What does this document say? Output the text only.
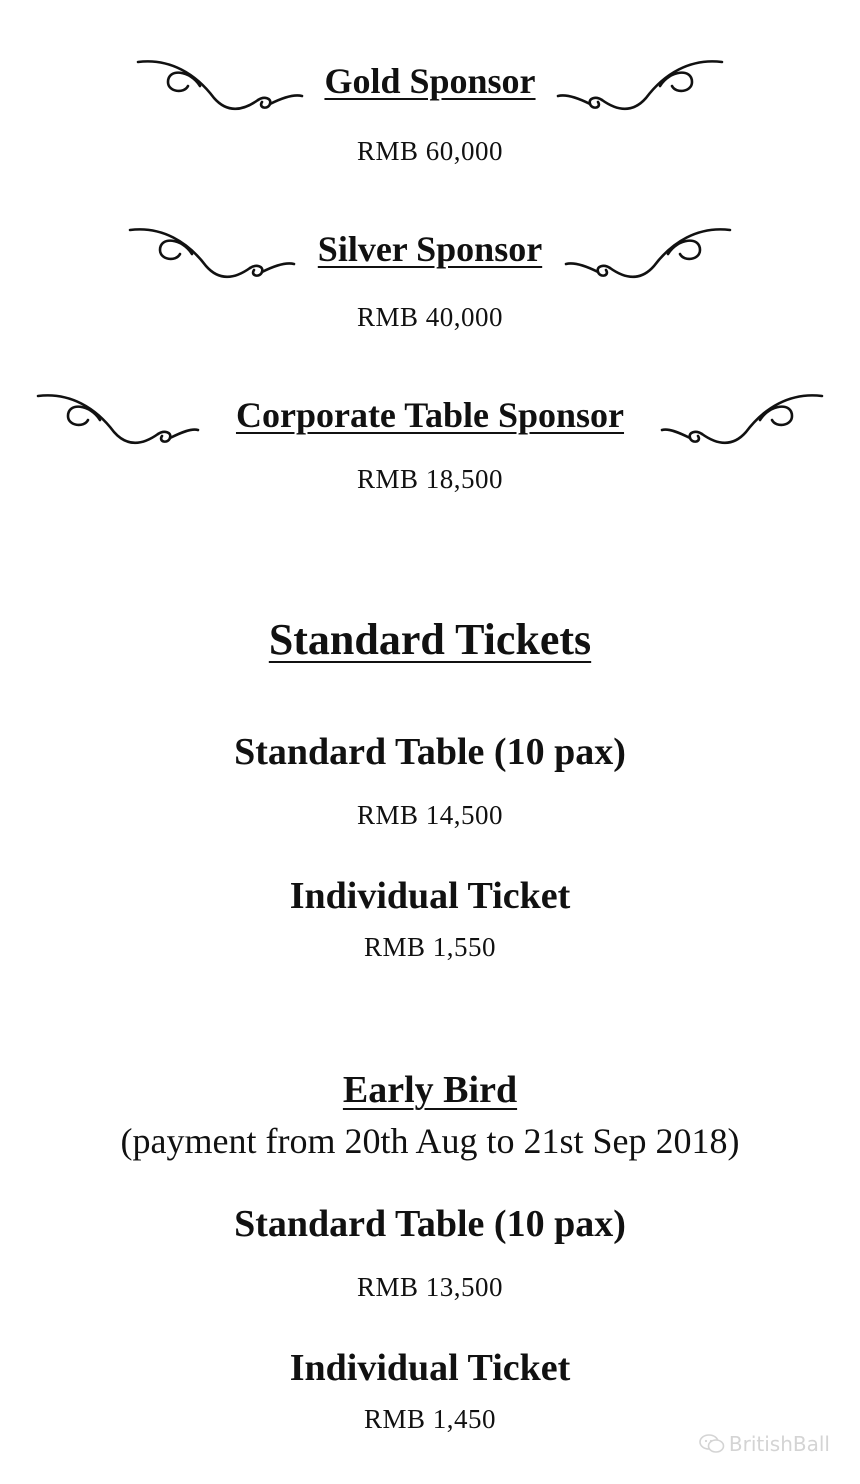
Gold Sponsor
RMB 60,000
Silver Sponsor
RMB 40,000
Corporate Table Sponsor
RMB 18,500
Standard Tickets
Standard Table (10 pax)
RMB 14,500
Individual Ticket
RMB 1,550
Early Bird
(payment from 20th Aug to 21st Sep 2018)
Standard Table (10 pax)
RMB 13,500
Individual Ticket
RMB 1,450
BritishBall
